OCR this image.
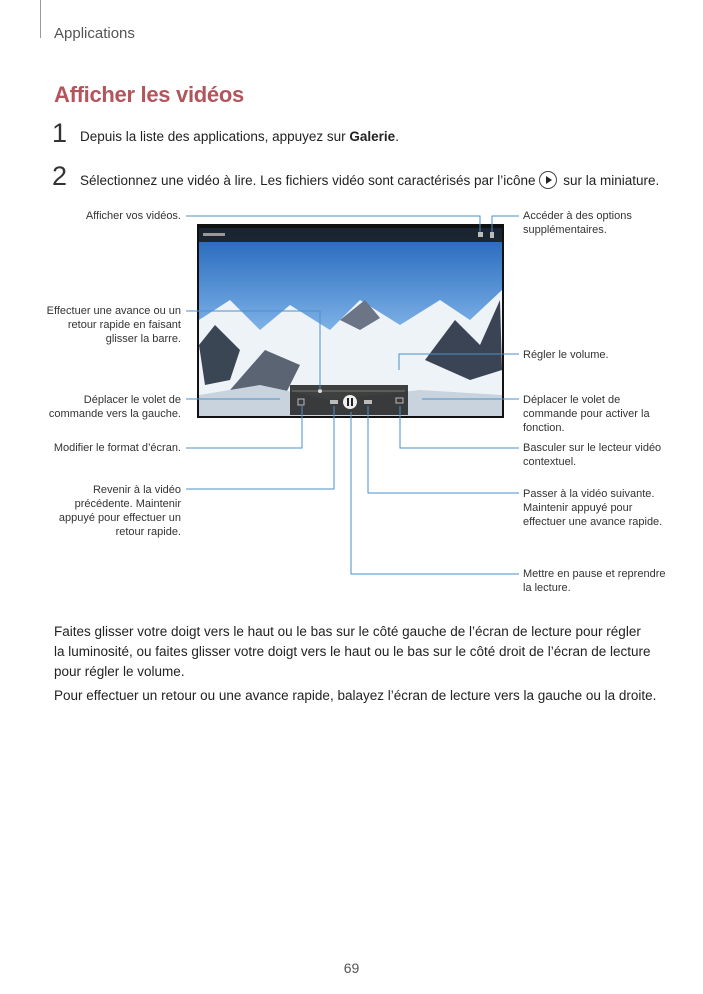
Applications
Afficher les vidéos
1 Depuis la liste des applications, appuyez sur Galerie.
2 Sélectionnez une vidéo à lire. Les fichiers vidéo sont caractérisés par l’icône sur la miniature.
Afficher vos vidéos.
Effectuer une avance ou un retour rapide en faisant glisser la barre.
Déplacer le volet de commande vers la gauche.
Modifier le format d’écran.
Revenir à la vidéo précédente. Maintenir appuyé pour effectuer un retour rapide.
Accéder à des options supplémentaires.
Régler le volume.
Déplacer le volet de commande pour activer la fonction.
Basculer sur le lecteur vidéo contextuel.
Passer à la vidéo suivante. Maintenir appuyé pour effectuer une avance rapide.
Mettre en pause et reprendre la lecture.
Faites glisser votre doigt vers le haut ou le bas sur le côté gauche de l’écran de lecture pour régler la luminosité, ou faites glisser votre doigt vers le haut ou le bas sur le côté droit de l’écran de lecture pour régler le volume.
Pour effectuer un retour ou une avance rapide, balayez l’écran de lecture vers la gauche ou la droite.
69
